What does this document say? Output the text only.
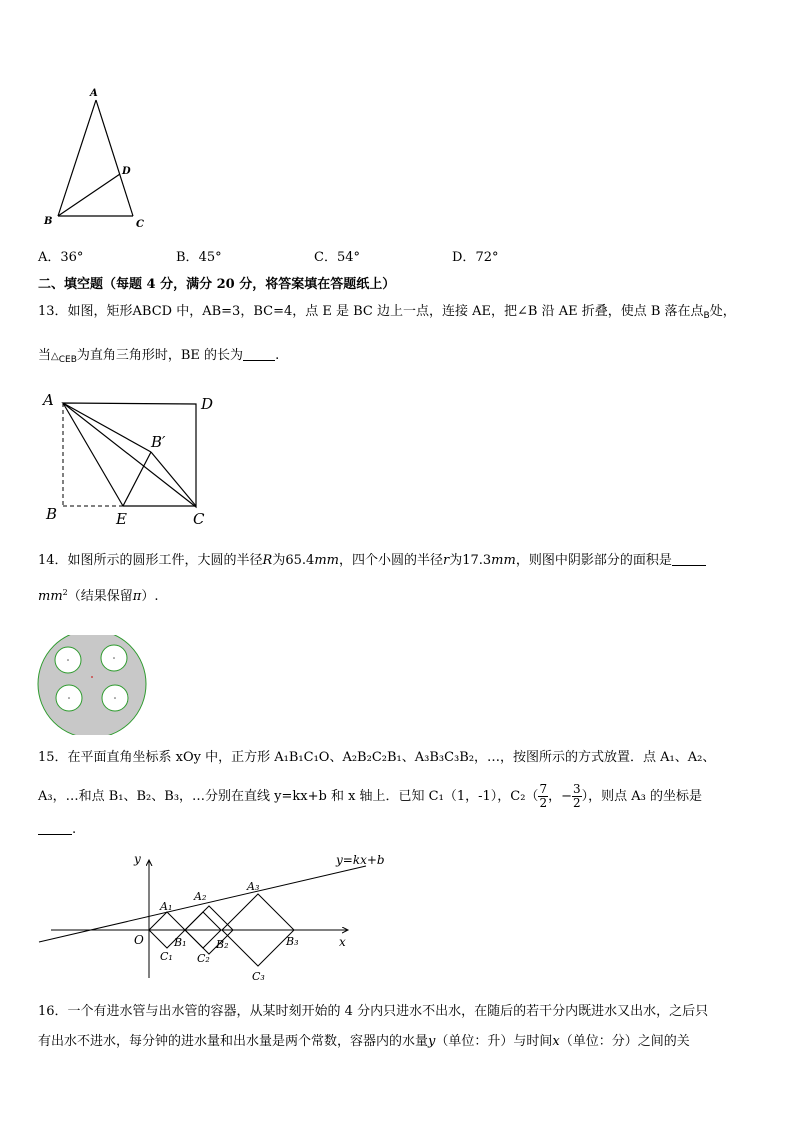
A
D
B	C
A．36°	B．45°	C．54°	D．72°
二、填空题（每题 4 分，满分 20 分，将答案填在答题纸上）
13．如图，矩形ABCD 中，AB=3，BC=4，点 E 是 BC 边上一点，连接 AE，把∠B 沿 AE 折叠，使点 B 落在点$_B$处，
当$\triangle_{CEB}$为直角三角形时，BE 的长为 .
A	D
B′
B	E	C
14．如图所示的圆形工件，大圆的半径R为65.4mm，四个小圆的半径r为17.3mm，则图中阴影部分的面积是
$mm^2$（结果保留π）.
15．在平面直角坐标系 xOy 中，正方形 A₁B₁C₁O、A₂B₂C₂B₁、A₃B₃C₃B₂，…，按图所示的方式放置．点 A₁、A₂、
A₃，…和点 B₁、B₂、B₃，…分别在直线 y=kx+b 和 x 轴上．已知 C₁（1，-1），$C_2( \frac{7}{2}$ ， − $\frac{3}{2}$ ），则点 A₃ 的坐标是
.
y
x
y=kx+b
O
A₁
A₂
A₃
B₁	B₂	B₃
C₁ C₂
C₃
16．一个有进水管与出水管的容器，从某时刻开始的 4 分内只进水不出水，在随后的若干分内既进水又出水，之后只
有出水不进水，每分钟的进水量和出水量是两个常数，容器内的水量y（单位：升）与时间x（单位：分）之间的关
